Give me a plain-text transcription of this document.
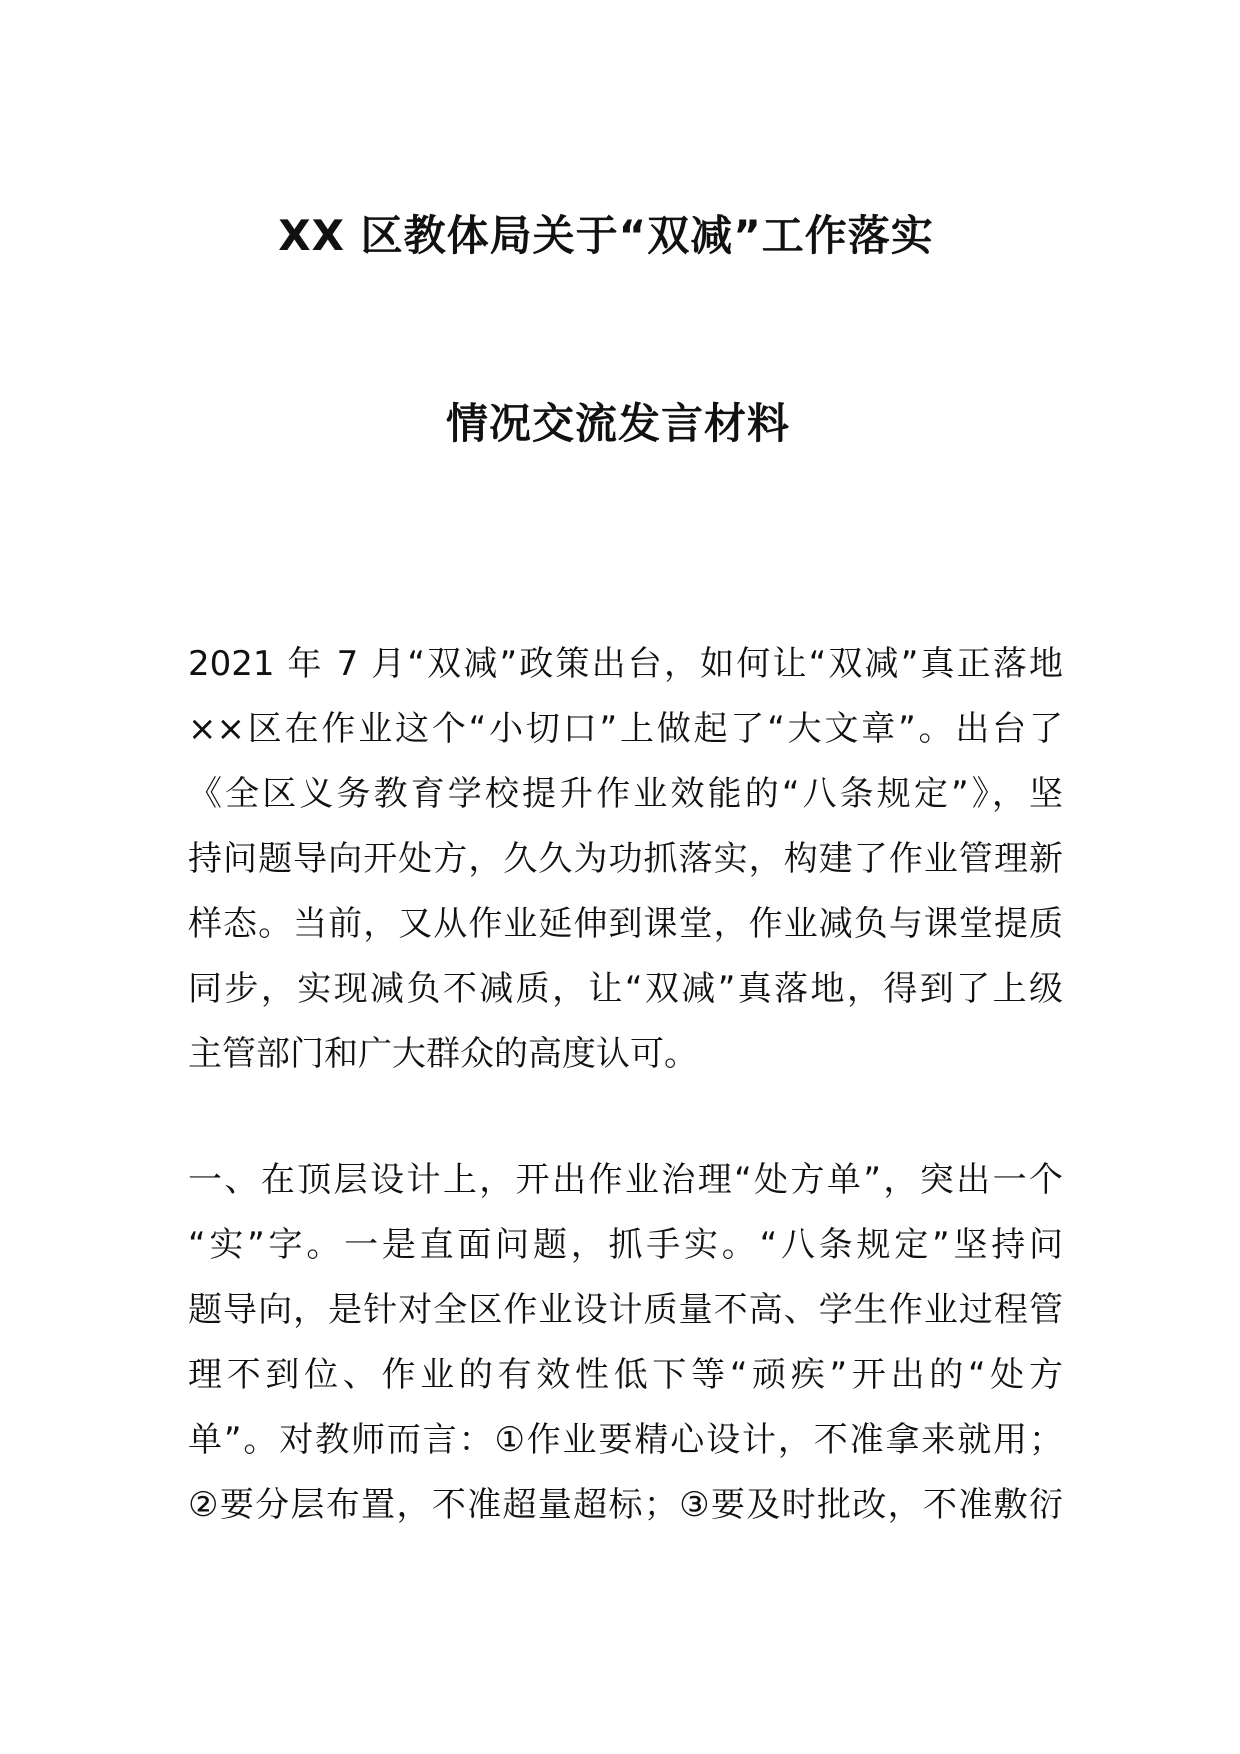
XX 区教体局关于“双减”工作落实
情况交流发言材料
2021 年 7 月“双减”政策出台，如何让“双减”真正落地
××区在作业这个“小切口”上做起了“大文章”。出台了
《全区义务教育学校提升作业效能的“八条规定”》，坚
持问题导向开处方，久久为功抓落实，构建了作业管理新
样态。当前，又从作业延伸到课堂，作业减负与课堂提质
同步，实现减负不减质，让“双减”真落地，得到了上级
主管部门和广大群众的高度认可。
一、在顶层设计上，开出作业治理“处方单”，突出一个
“实”字。一是直面问题，抓手实。“八条规定”坚持问
题导向，是针对全区作业设计质量不高、学生作业过程管
理不到位、作业的有效性低下等“顽疾”开出的“处方
单”。对教师而言：①作业要精心设计，不准拿来就用；
②要分层布置，不准超量超标；③要及时批改，不准敷衍
